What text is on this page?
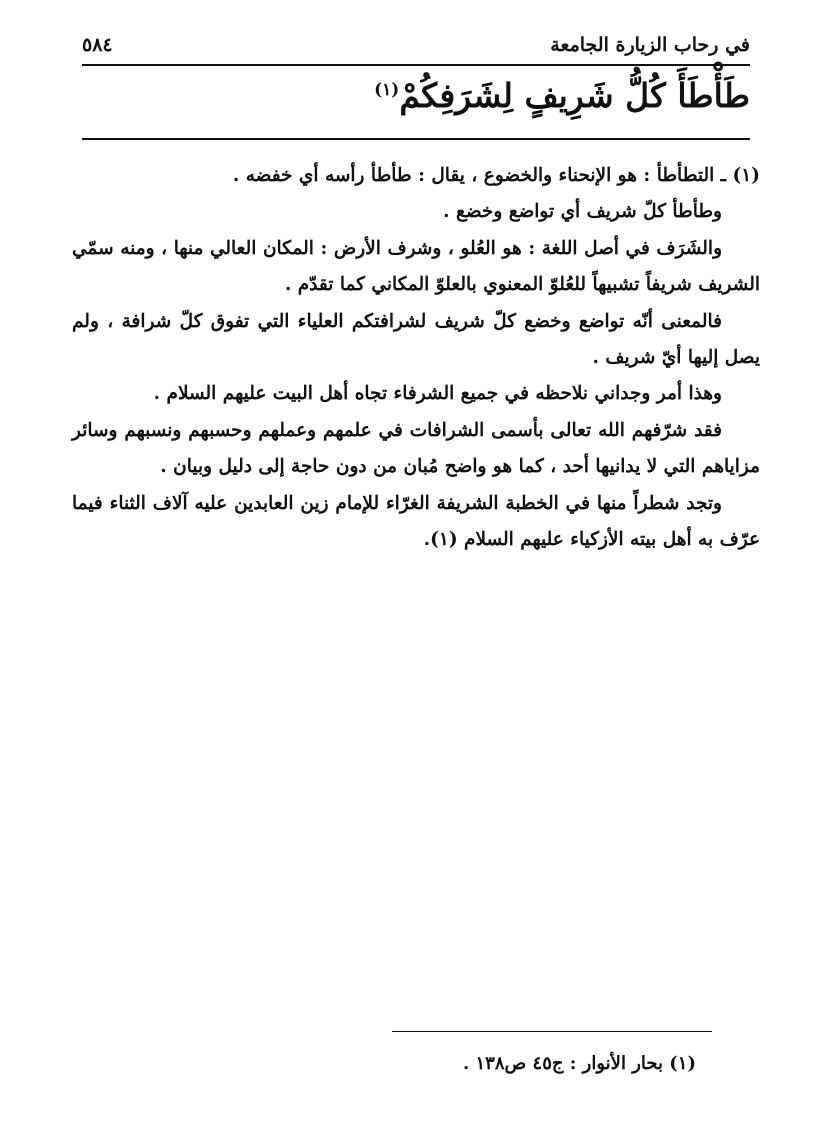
في رحاب الزيارة الجامعة
٥٨٤
طَأْطَأَ كُلُّ شَرِيفٍ لِشَرَفِكُمْ$^{(١)}$

(١) ـ التطأطأ : هو الإنحناء والخضوع ، يقال : طأطأ رأسه أي خفضه .

وطأطأ كلّ شريف أي تواضع وخضع .

والشَرَف في أصل اللغة : هو العُلو ، وشرف الأرض : المكان العالي منها ، ومنه سمّي الشريف شريفاً تشبيهاً للعُلوّ المعنوي بالعلوّ المكاني كما تقدّم .

فالمعنى أنّه تواضع وخضع كلّ شريف لشرافتكم العلياء التي تفوق كلّ شرافة ، ولم يصل إليها أيّ شريف .

وهذا أمر وجداني نلاحظه في جميع الشرفاء تجاه أهل البيت عليهم السلام .

فقد شرّفهم الله تعالى بأسمى الشرافات في علمهم وعملهم وحسبهم ونسبهم وسائر مزاياهم التي لا يدانيها أحد ، كما هو واضح مُبان من دون حاجة إلى دليل وبيان .

وتجد شطراً منها في الخطبة الشريفة الغرّاء للإمام زين العابدين عليه آلاف الثناء فيما عرّف به أهل بيته الأزكياء عليهم السلام (١).

(١) بحار الأنوار : ج٤٥ ص١٣٨ .
